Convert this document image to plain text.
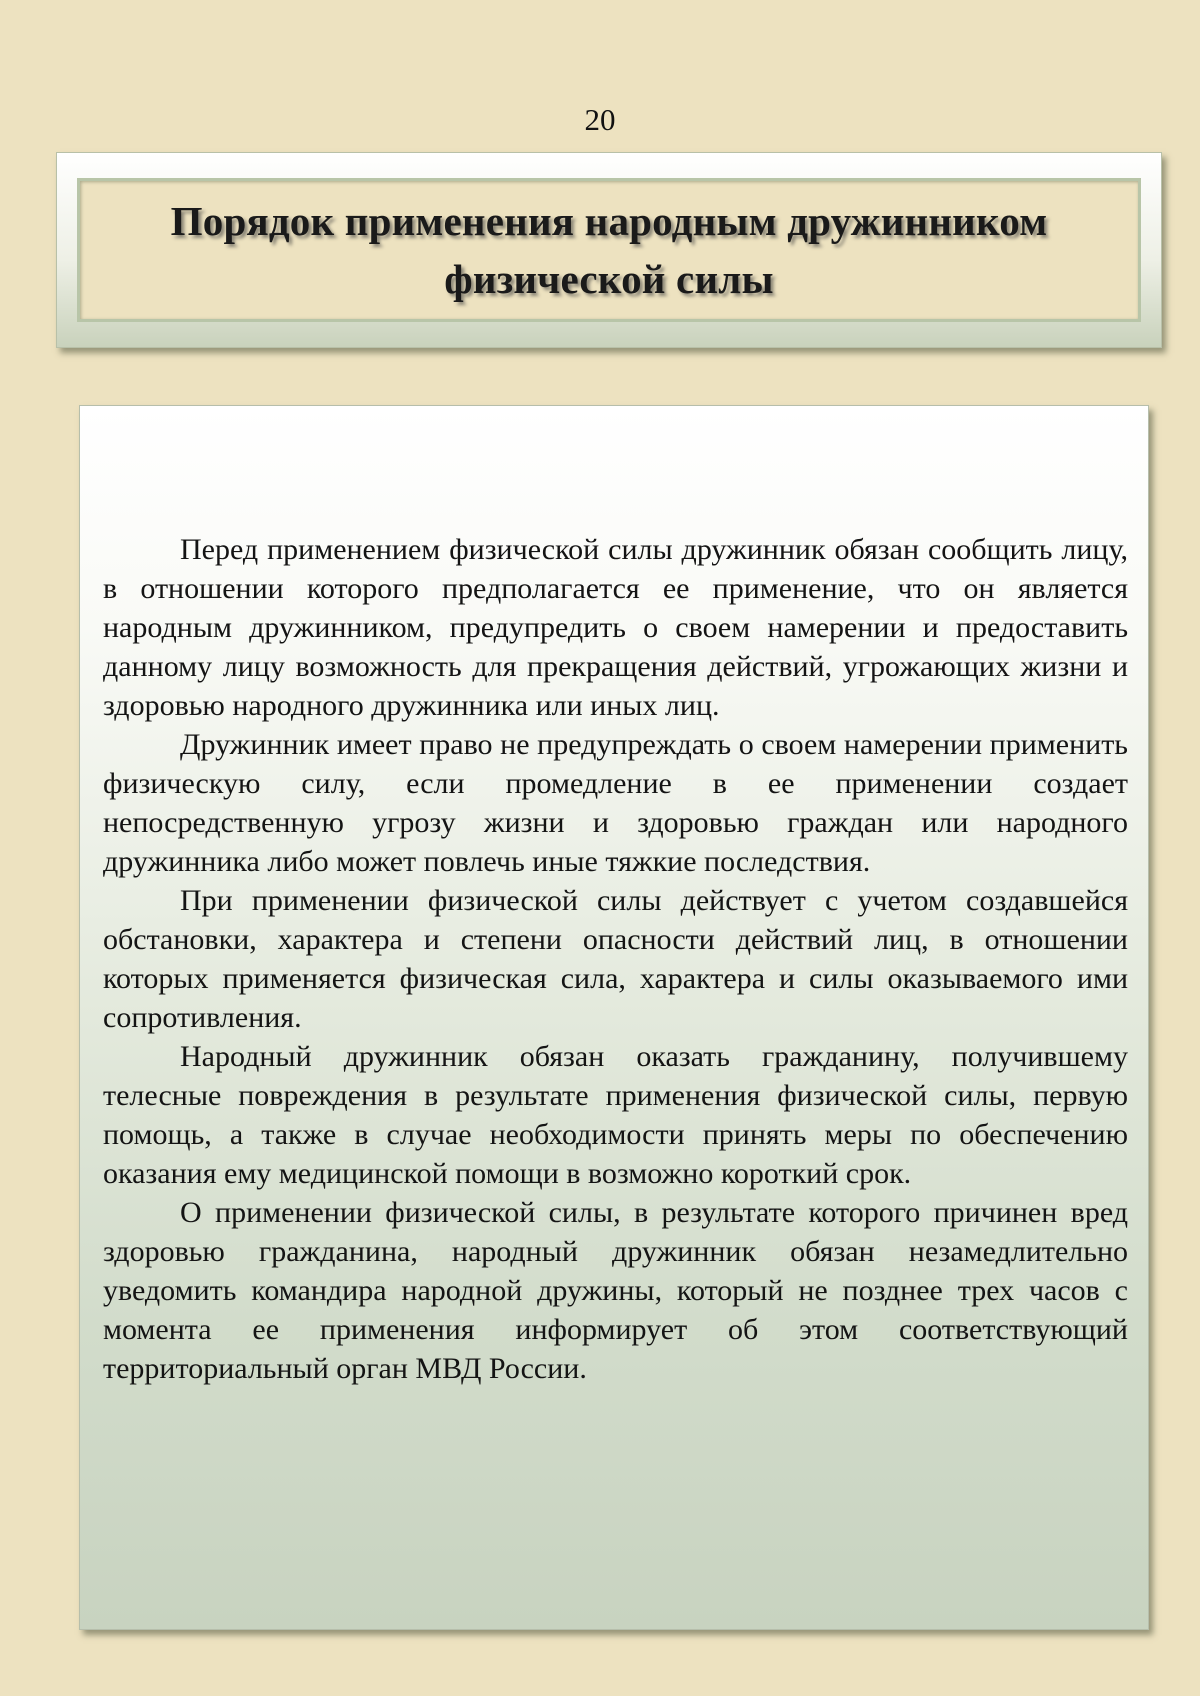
20
Порядок применения народным дружинником физической силы

Перед применением физической силы дружинник обязан сообщить лицу, в отношении которого предполагается ее применение, что он является народным дружинником, предупредить о своем намерении и предоставить данному лицу возможность для прекращения действий, угрожающих жизни и здоровью народного дружинника или иных лиц.

Дружинник имеет право не предупреждать о своем намерении применить физическую силу, если промедление в ее применении создает непосредственную угрозу жизни и здоровью граждан или народного дружинника либо может повлечь иные тяжкие последствия.

При применении физической силы действует с учетом создавшейся обстановки, характера и степени опасности действий лиц, в отношении которых применяется физическая сила, характера и силы оказываемого ими сопротивления.

Народный дружинник обязан оказать гражданину, получившему телесные повреждения в результате применения физической силы, первую помощь, а также в случае необходимости принять меры по обеспечению оказания ему медицинской помощи в возможно короткий срок.

О применении физической силы, в результате которого причинен вред здоровью гражданина, народный дружинник обязан незамедлительно уведомить командира народной дружины, который не позднее трех часов с момента ее применения информирует об этом соответствующий территориальный орган МВД России.
